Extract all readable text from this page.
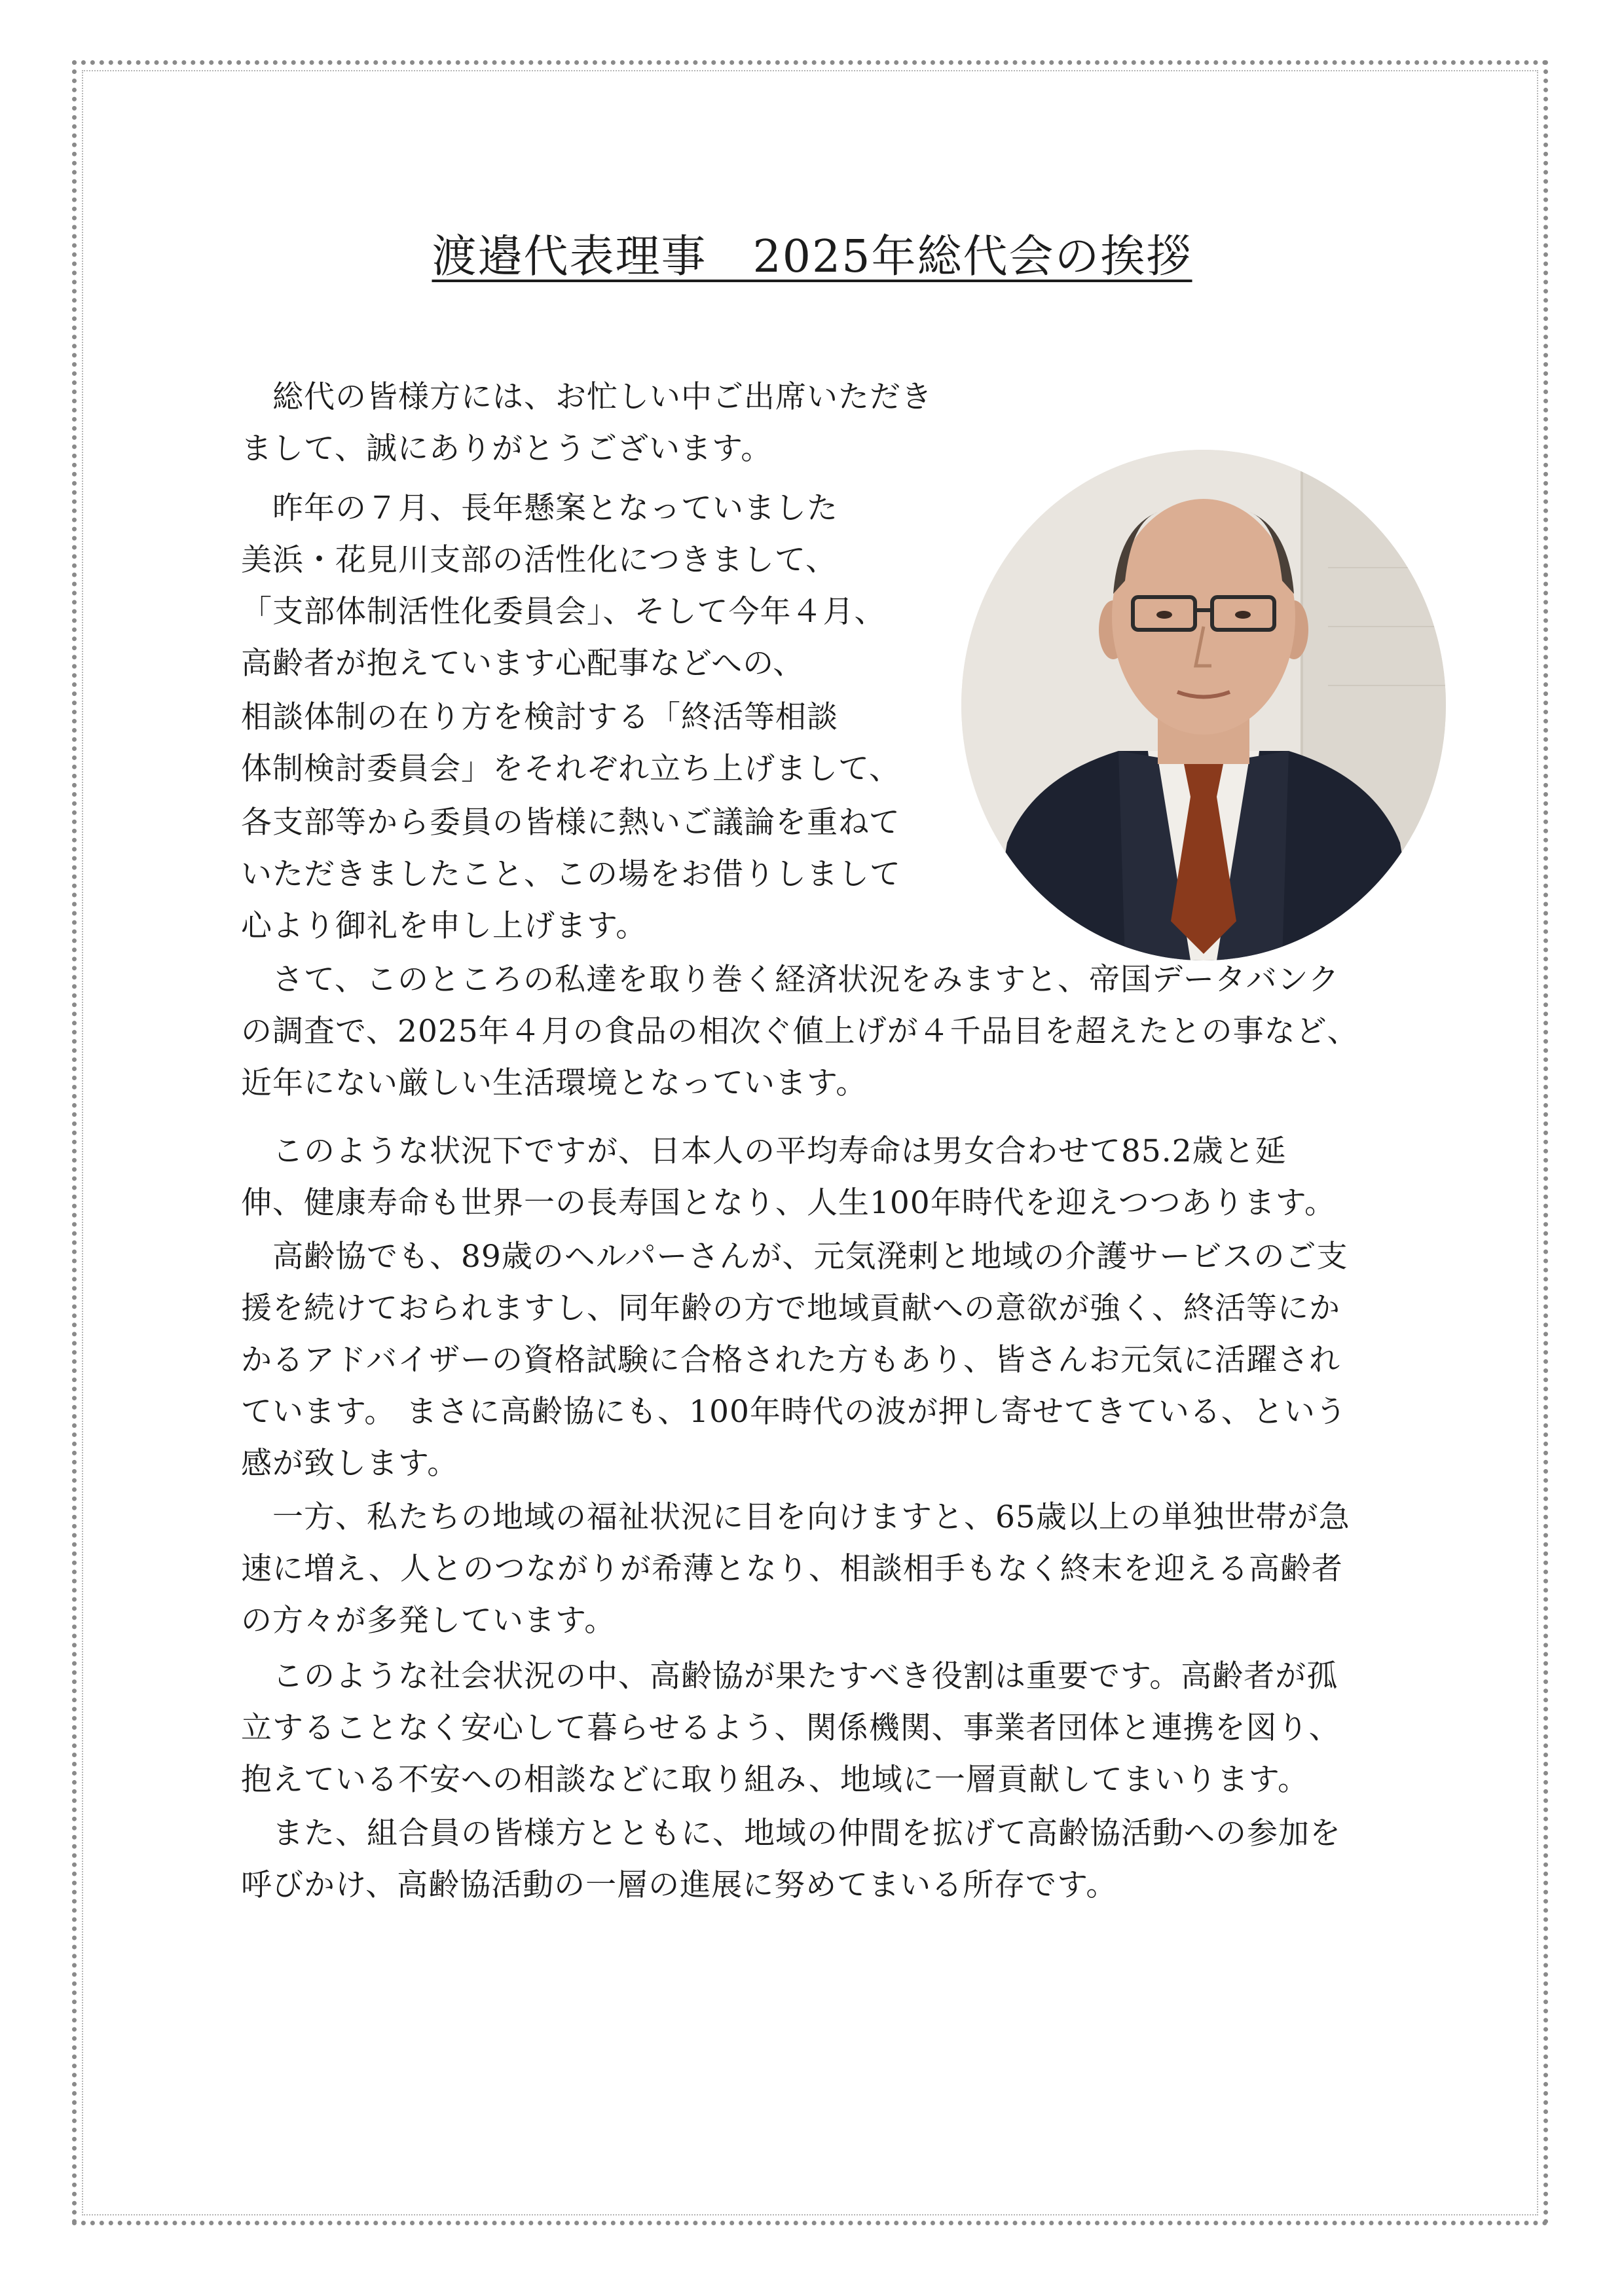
渡邉代表理事　2025年総代会の挨拶
　総代の皆様方には、お忙しい中ご出席いただき
まして、誠にありがとうございます。
　昨年の７月、長年懸案となっていました
美浜・花見川支部の活性化につきまして、
「支部体制活性化委員会」、そして今年４月、
高齢者が抱えています心配事などへの、
相談体制の在り方を検討する「終活等相談
体制検討委員会」をそれぞれ立ち上げまして、
各支部等から委員の皆様に熱いご議論を重ねて
いただきましたこと、この場をお借りしまして
心より御礼を申し上げます。
　さて、このところの私達を取り巻く経済状況をみますと、帝国データバンク
の調査で、2025年４月の食品の相次ぐ値上げが４千品目を超えたとの事など、
近年にない厳しい生活環境となっています。
　このような状況下ですが、日本人の平均寿命は男女合わせて85.2歳と延
伸、健康寿命も世界一の長寿国となり、人生100年時代を迎えつつあります。
　高齢協でも、89歳のヘルパーさんが、元気溌剌と地域の介護サービスのご支
援を続けておられますし、同年齢の方で地域貢献への意欲が強く、終活等にか
かるアドバイザーの資格試験に合格された方もあり、皆さんお元気に活躍され
ています。 まさに高齢協にも、100年時代の波が押し寄せてきている、という
感が致します。
　一方、私たちの地域の福祉状況に目を向けますと、65歳以上の単独世帯が急
速に増え、人とのつながりが希薄となり、相談相手もなく終末を迎える高齢者
の方々が多発しています。
　このような社会状況の中、高齢協が果たすべき役割は重要です。高齢者が孤
立することなく安心して暮らせるよう、関係機関、事業者団体と連携を図り、
抱えている不安への相談などに取り組み、地域に一層貢献してまいります。
　また、組合員の皆様方とともに、地域の仲間を拡げて高齢協活動への参加を
呼びかけ、高齢協活動の一層の進展に努めてまいる所存です。
